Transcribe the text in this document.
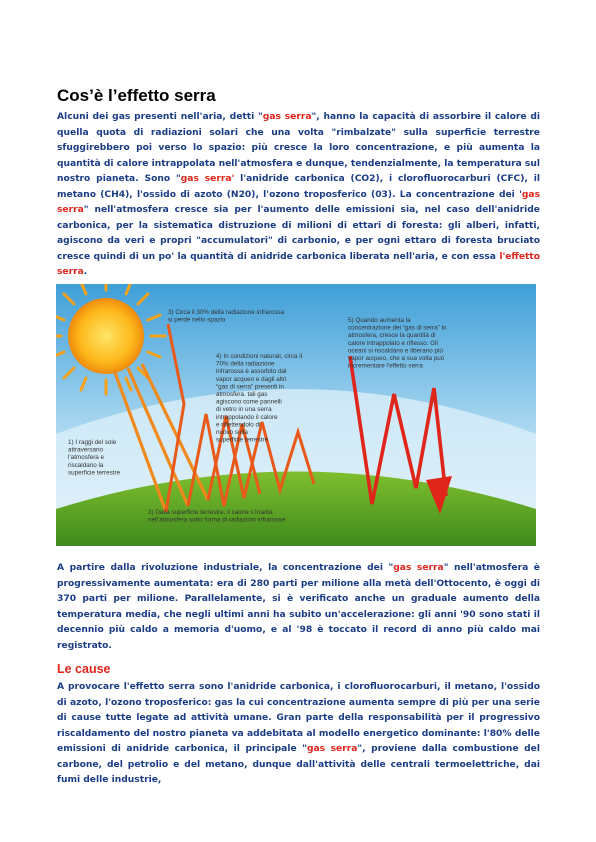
Cos’è l’effetto serra

Alcuni dei gas presenti nell'aria, detti "gas serra", hanno la capacità di assorbire il calore di quella quota di radiazioni solari che una volta "rimbalzate" sulla superficie terrestre sfuggirebbero poi verso lo spazio: più cresce la loro concentrazione, e più aumenta la quantità di calore intrappolata nell'atmosfera e dunque, tendenzialmente, la temperatura sul nostro pianeta. Sono "gas serra' l'anidride carbonica (CO2), i clorofluorocarburi (CFC), il metano (CH4), l'ossido di azoto (N20), l'ozono troposferico (03). La concentrazione dei 'gas serra" nell'atmosfera cresce sia per l'aumento delle emissioni sia, nel caso dell'anidride carbonica, per la sistematica distruzione di milioni di ettari di foresta: gli alberi, infatti, agiscono da veri e propri "accumulatori" di carbonio, e per ogni ettaro di foresta bruciato cresce quindi di un po' la quantità di anidride carbonica liberata nell'aria, e con essa l'effetto serra.

1) I raggi del sole attraversano l’atmosfera e riscaldano la superficie terrestre
2) Dalla superficie terrestre, il calore s’irradia nell’atmosfera sotto forma di radiazioni infrarosse
3) Circa il 30% della radiazione infrarossa si perde nello spazio
4) In condizioni naturali, circa il 70% della radiazione infrarossa è assorbito dal vapor acqueo e dagli altri “gas di serra” presenti in atmosfera. tali gas agiscono come pannelli di vetro in una serra intrappolando il calore e riflettendolo di nuovo sulla superficie terrestre
5) Quando aumenta la concentrazione dei “gas di serra” in atmosfera, cresce la quantità di calore intrappolato e riflesso. Gli oceani si riscaldano e liberano più vapor acqueo, che a sua volta può incrementare l’effetto serra

A partire dalla rivoluzione industriale, la concentrazione dei "gas serra" nell'atmosfera è progressivamente aumentata: era di 280 parti per milione alla metà dell'Ottocento, è oggi di 370 parti per milione. Parallelamente, si è verificato anche un graduale aumento della temperatura media, che negli ultimi anni ha subito un'accelerazione: gli anni '90 sono stati il decennio più caldo a memoria d'uomo, e al '98 è toccato il record di anno più caldo mai registrato.

Le cause

A provocare l'effetto serra sono l'anidride carbonica, i clorofluorocarburi, il metano, l'ossido di azoto, l'ozono troposferico: gas la cui concentrazione aumenta sempre di più per una serie di cause tutte legate ad attività umane. Gran parte della responsabilità per il progressivo riscaldamento del nostro pianeta va addebitata al modello energetico dominante: l'80% delle emissioni di anidride carbonica, il principale "gas serra", proviene dalla combustione del carbone, del petrolio e del metano, dunque dall'attività delle centrali termoelettriche, dai fumi delle industrie,
